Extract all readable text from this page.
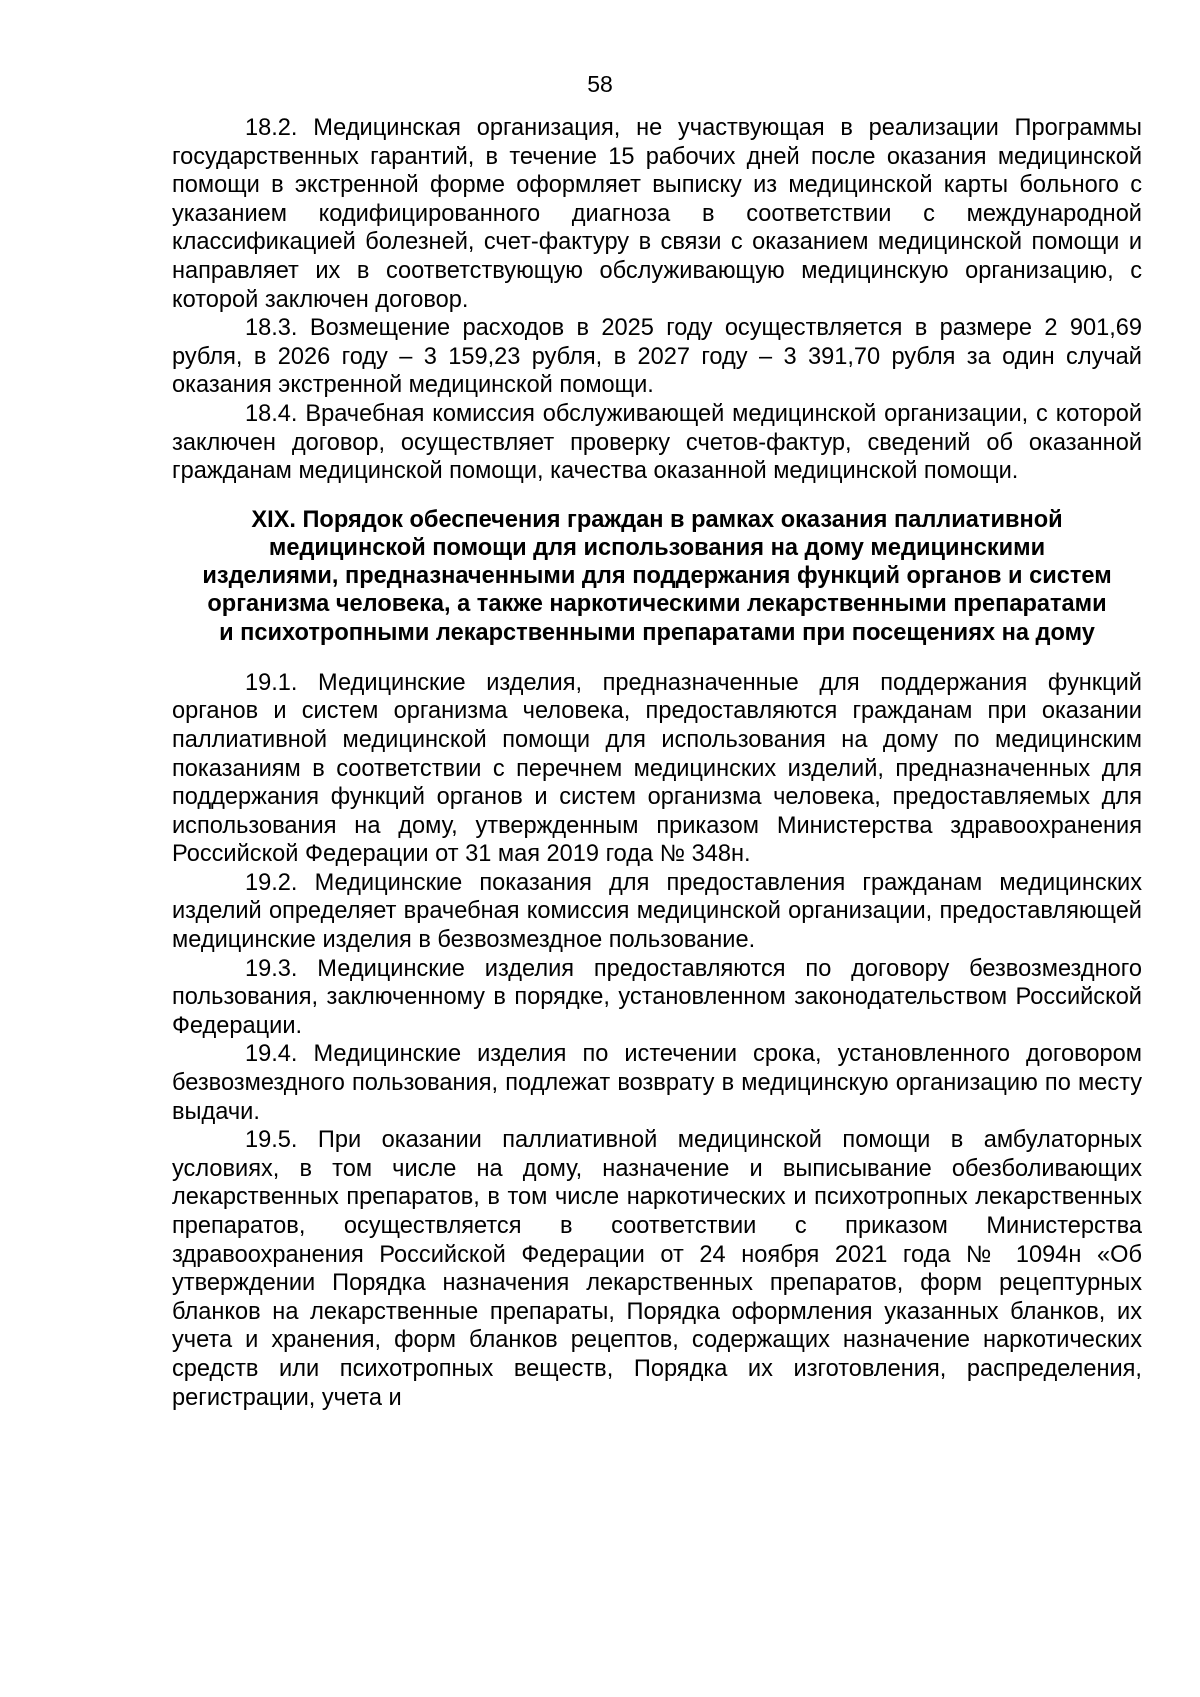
58

18.2. Медицинская организация, не участвующая в реализации Программы государственных гарантий, в течение 15 рабочих дней после оказания медицинской помощи в экстренной форме оформляет выписку из медицинской карты больного с указанием кодифицированного диагноза в соответствии с международной классификацией болезней, счет-фактуру в связи с оказанием медицинской помощи и направляет их в соответствующую обслуживающую медицинскую организацию, с которой заключен договор.

18.3. Возмещение расходов в 2025 году осуществляется в размере 2 901,69 рубля, в 2026 году – 3 159,23 рубля, в 2027 году – 3 391,70 рубля за один случай оказания экстренной медицинской помощи.

18.4. Врачебная комиссия обслуживающей медицинской организации, с которой заключен договор, осуществляет проверку счетов-фактур, сведений об оказанной гражданам медицинской помощи, качества оказанной медицинской помощи.

XIX. Порядок обеспечения граждан в рамках оказания паллиативной медицинской помощи для использования на дому медицинскими изделиями, предназначенными для поддержания функций органов и систем организма человека, а также наркотическими лекарственными препаратами и психотропными лекарственными препаратами при посещениях на дому

19.1. Медицинские изделия, предназначенные для поддержания функций органов и систем организма человека, предоставляются гражданам при оказании паллиативной медицинской помощи для использования на дому по медицинским показаниям в соответствии с перечнем медицинских изделий, предназначенных для поддержания функций органов и систем организма человека, предоставляемых для использования на дому, утвержденным приказом Министерства здравоохранения Российской Федерации от 31 мая 2019 года № 348н.

19.2. Медицинские показания для предоставления гражданам медицинских изделий определяет врачебная комиссия медицинской организации, предоставляющей медицинские изделия в безвозмездное пользование.

19.3. Медицинские изделия предоставляются по договору безвозмездного пользования, заключенному в порядке, установленном законодательством Российской Федерации.

19.4. Медицинские изделия по истечении срока, установленного договором безвозмездного пользования, подлежат возврату в медицинскую организацию по месту выдачи.

19.5. При оказании паллиативной медицинской помощи в амбулаторных условиях, в том числе на дому, назначение и выписывание обезболивающих лекарственных препаратов, в том числе наркотических и психотропных лекарственных препаратов, осуществляется в соответствии с приказом Министерства здравоохранения Российской Федерации от 24 ноября 2021 года № 1094н «Об утверждении Порядка назначения лекарственных препаратов, форм рецептурных бланков на лекарственные препараты, Порядка оформления указанных бланков, их учета и хранения, форм бланков рецептов, содержащих назначение наркотических средств или психотропных веществ, Порядка их изготовления, распределения, регистрации, учета и
